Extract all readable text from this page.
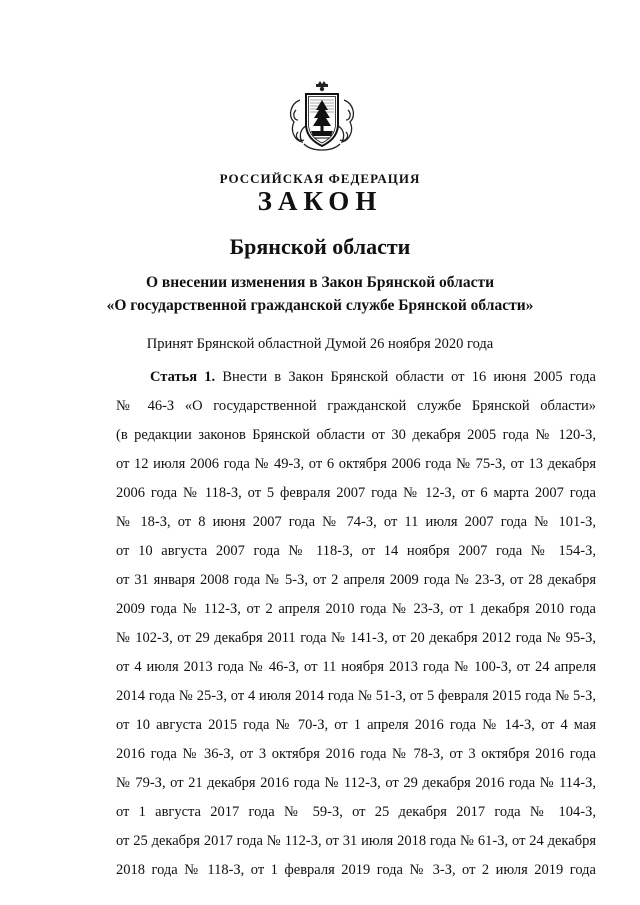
РОССИЙСКАЯ ФЕДЕРАЦИЯ
ЗАКОН
Брянской области
О внесении изменения в Закон Брянской области
«О государственной гражданской службе Брянской области»
Принят Брянской областной Думой 26 ноября 2020 года
Статья 1. Внести в Закон Брянской области от 16 июня 2005 года
№ 46-З «О государственной гражданской службе Брянской области»
(в редакции законов Брянской области от 30 декабря 2005 года № 120-З,
от 12 июля 2006 года № 49-З, от 6 октября 2006 года № 75-З, от 13 декабря
2006 года № 118-З, от 5 февраля 2007 года № 12-З, от 6 марта 2007 года
№ 18-З, от 8 июня 2007 года № 74-З, от 11 июля 2007 года № 101-З,
от 10 августа 2007 года № 118-З, от 14 ноября 2007 года № 154-З,
от 31 января 2008 года № 5-З, от 2 апреля 2009 года № 23-З, от 28 декабря
2009 года № 112-З, от 2 апреля 2010 года № 23-З, от 1 декабря 2010 года
№ 102-З, от 29 декабря 2011 года № 141-З, от 20 декабря 2012 года № 95-З,
от 4 июля 2013 года № 46-З, от 11 ноября 2013 года № 100-З, от 24 апреля
2014 года № 25-З, от 4 июля 2014 года № 51-З, от 5 февраля 2015 года № 5-З,
от 10 августа 2015 года № 70-З, от 1 апреля 2016 года № 14-З, от 4 мая
2016 года № 36-З, от 3 октября 2016 года № 78-З, от 3 октября 2016 года
№ 79-З, от 21 декабря 2016 года № 112-З, от 29 декабря 2016 года № 114-З,
от 1 августа 2017 года № 59-З, от 25 декабря 2017 года № 104-З,
от 25 декабря 2017 года № 112-З, от 31 июля 2018 года № 61-З, от 24 декабря
2018 года № 118-З, от 1 февраля 2019 года № 3-З, от 2 июля 2019 года
